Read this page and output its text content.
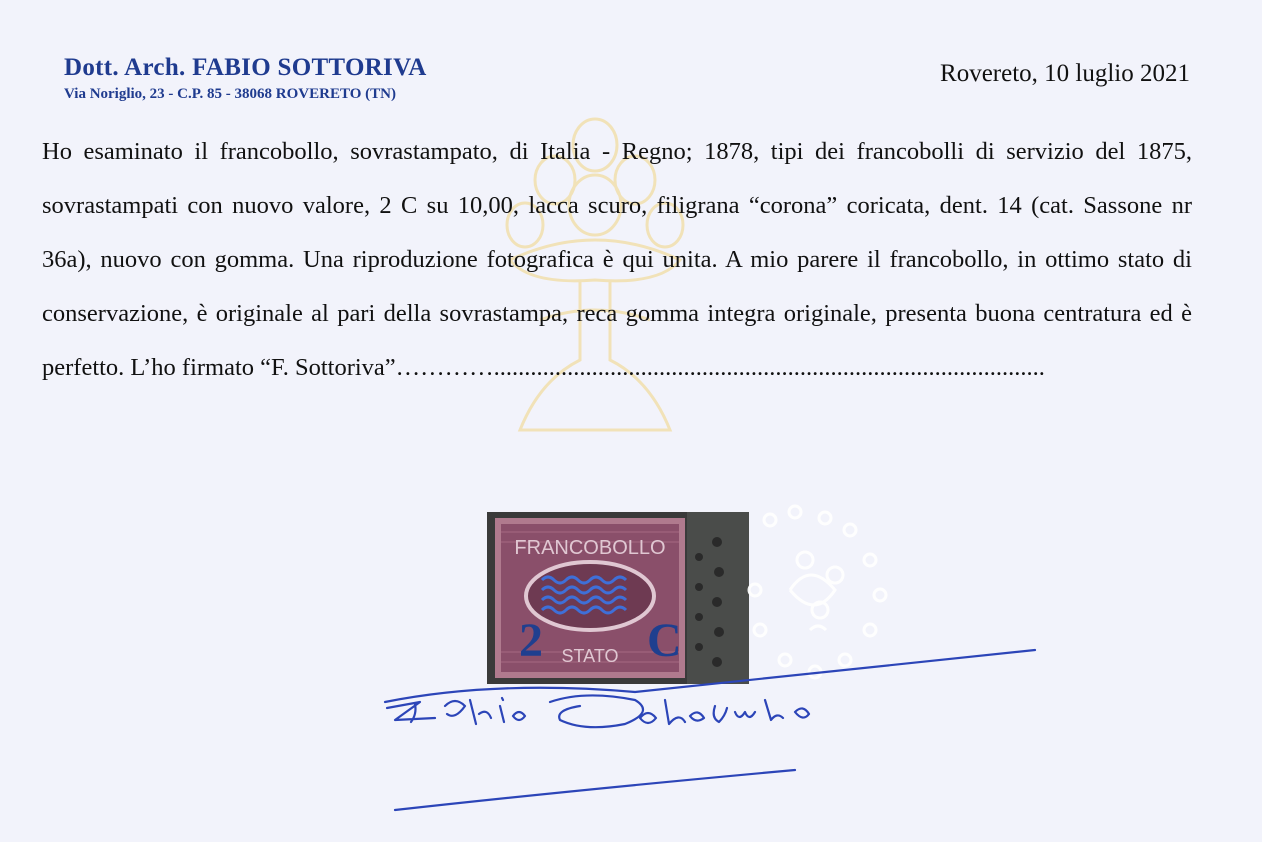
Dott. Arch. FABIO SOTTORIVA
Via Noriglio, 23 - C.P. 85 - 38068 ROVERETO (TN)
Rovereto, 10 luglio 2021
Ho esaminato il francobollo, sovrastampato, di Italia - Regno; 1878, tipi dei francobolli di servizio del 1875, sovrastampati con nuovo valore, 2 C su 10,00, lacca scuro, filigrana “corona” coricata, dent. 14 (cat. Sassone nr 36a), nuovo con gomma. Una riproduzione fotografica è qui unita. A mio parere il francobollo, in ottimo stato di conservazione, è originale al pari della sovrastampa, reca gomma integra originale, presenta buona centratura ed è perfetto. L’ho firmato “F. Sottoriva”…………..........................................................................................
FRANCOBOLLO
STATO
2 C
